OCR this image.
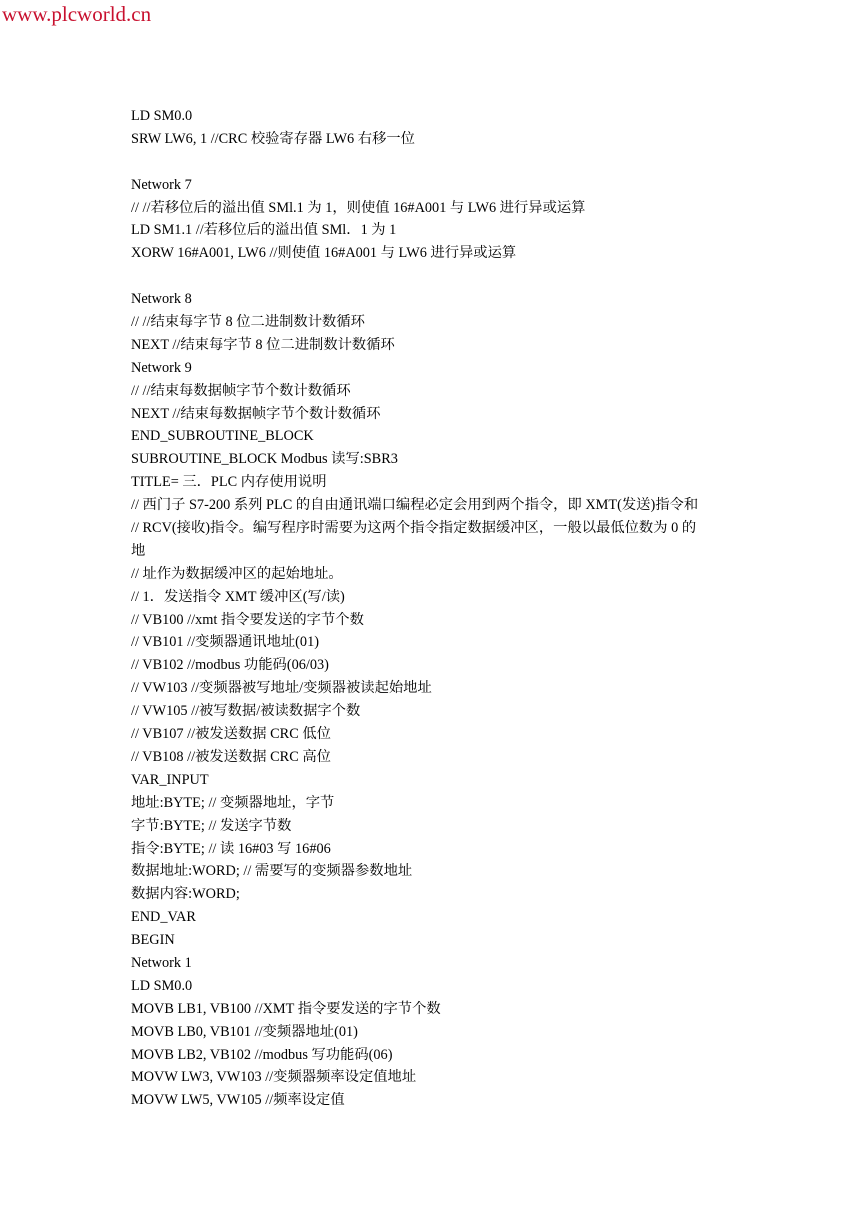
www.plcworld.cn
LD SM0.0
SRW LW6, 1 //CRC 校验寄存器 LW6 右移一位
Network 7
// //若移位后的溢出值 SMl.1 为 1，则使值 16#A001 与 LW6 进行异或运算
LD SM1.1 //若移位后的溢出值 SMl．1 为 1
XORW 16#A001, LW6 //则使值 16#A001 与 LW6 进行异或运算
Network 8
// //结束每字节 8 位二进制数计数循环
NEXT //结束每字节 8 位二进制数计数循环
Network 9
// //结束每数据帧字节个数计数循环
NEXT //结束每数据帧字节个数计数循环
END_SUBROUTINE_BLOCK
SUBROUTINE_BLOCK Modbus 读写:SBR3
TITLE= 三．PLC 内存使用说明
// 西门子 S7-200 系列 PLC 的自由通讯端口编程必定会用到两个指令，即 XMT(发送)指令和
// RCV(接收)指令。编写程序时需要为这两个指令指定数据缓冲区，一般以最低位数为 0 的
地
// 址作为数据缓冲区的起始地址。
// 1．发送指令 XMT 缓冲区(写/读)
// VB100 //xmt 指令要发送的字节个数
// VB101 //变频器通讯地址(01)
// VB102 //modbus 功能码(06/03)
// VW103 //变频器被写地址/变频器被读起始地址
// VW105 //被写数据/被读数据字个数
// VB107 //被发送数据 CRC 低位
// VB108 //被发送数据 CRC 高位
VAR_INPUT
地址:BYTE; // 变频器地址，字节
字节:BYTE; // 发送字节数
指令:BYTE; // 读 16#03 写 16#06
数据地址:WORD; // 需要写的变频器参数地址
数据内容:WORD;
END_VAR
BEGIN
Network 1
LD SM0.0
MOVB LB1, VB100 //XMT 指令要发送的字节个数
MOVB LB0, VB101 //变频器地址(01)
MOVB LB2, VB102 //modbus 写功能码(06)
MOVW LW3, VW103 //变频器频率设定值地址
MOVW LW5, VW105 //频率设定值
